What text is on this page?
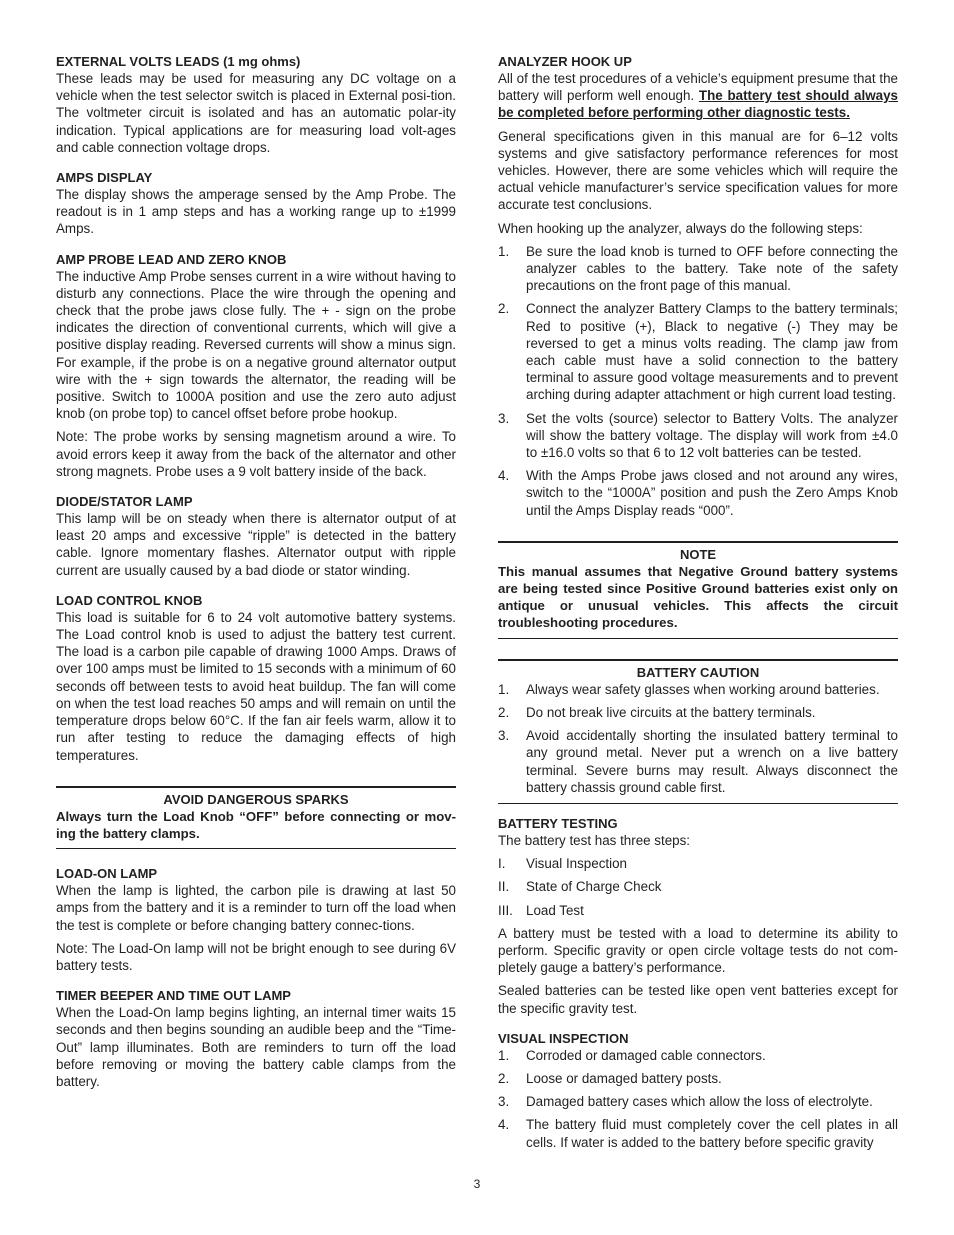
EXTERNAL VOLTS LEADS (1 mg ohms)

These leads may be used for measuring any DC voltage on a vehicle when the test selector switch is placed in External posi-tion. The voltmeter circuit is isolated and has an automatic polar-ity indication. Typical applications are for measuring load volt-ages and cable connection voltage drops.

AMPS DISPLAY

The display shows the amperage sensed by the Amp Probe. The readout is in 1 amp steps and has a working range up to ±1999 Amps.

AMP PROBE LEAD AND ZERO KNOB

The inductive Amp Probe senses current in a wire without having to disturb any connections. Place the wire through the opening and check that the probe jaws close fully. The + - sign on the probe indicates the direction of conventional currents, which will give a positive display reading. Reversed currents will show a minus sign. For example, if the probe is on a negative ground alternator output wire with the + sign towards the alternator, the reading will be positive. Switch to 1000A position and use the zero auto adjust knob (on probe top) to cancel offset before probe hookup.

Note: The probe works by sensing magnetism around a wire. To avoid errors keep it away from the back of the alternator and other strong magnets. Probe uses a 9 volt battery inside of the back.

DIODE/STATOR LAMP

This lamp will be on steady when there is alternator output of at least 20 amps and excessive “ripple” is detected in the battery cable. Ignore momentary flashes. Alternator output with ripple current are usually caused by a bad diode or stator winding.

LOAD CONTROL KNOB

This load is suitable for 6 to 24 volt automotive battery systems. The Load control knob is used to adjust the battery test current. The load is a carbon pile capable of drawing 1000 Amps. Draws of over 100 amps must be limited to 15 seconds with a minimum of 60 seconds off between tests to avoid heat buildup. The fan will come on when the test load reaches 50 amps and will remain on until the temperature drops below 60°C. If the fan air feels warm, allow it to run after testing to reduce the damaging effects of high temperatures.

AVOID DANGEROUS SPARKS
Always turn the Load Knob “OFF” before connecting or mov-ing the battery clamps.
LOAD-ON LAMP

When the lamp is lighted, the carbon pile is drawing at last 50 amps from the battery and it is a reminder to turn off the load when the test is complete or before changing battery connec-tions.

Note: The Load-On lamp will not be bright enough to see during 6V battery tests.

TIMER BEEPER AND TIME OUT LAMP

When the Load-On lamp begins lighting, an internal timer waits 15 seconds and then begins sounding an audible beep and the “Time-Out” lamp illuminates. Both are reminders to turn off the load before removing or moving the battery cable clamps from the battery.

ANALYZER HOOK UP

All of the test procedures of a vehicle’s equipment presume that the battery will perform well enough. The battery test should always be completed before performing other diagnostic tests.

General specifications given in this manual are for 6–12 volts systems and give satisfactory performance references for most vehicles. However, there are some vehicles which will require the actual vehicle manufacturer’s service specification values for more accurate test conclusions.

When hooking up the analyzer, always do the following steps:

1. Be sure the load knob is turned to OFF before connecting the analyzer cables to the battery. Take note of the safety precautions on the front page of this manual.
2. Connect the analyzer Battery Clamps to the battery terminals; Red to positive (+), Black to negative (-) They may be reversed to get a minus volts reading. The clamp jaw from each cable must have a solid connection to the battery terminal to assure good voltage measurements and to prevent arching during adapter attachment or high current load testing.
3. Set the volts (source) selector to Battery Volts. The analyzer will show the battery voltage. The display will work from ±4.0 to ±16.0 volts so that 6 to 12 volt batteries can be tested.
4. With the Amps Probe jaws closed and not around any wires, switch to the “1000A” position and push the Zero Amps Knob until the Amps Display reads “000”.
NOTE
This manual assumes that Negative Ground battery systems are being tested since Positive Ground batteries exist only on antique or unusual vehicles. This affects the circuit troubleshooting procedures.
BATTERY CAUTION
1. Always wear safety glasses when working around batteries.
2. Do not break live circuits at the battery terminals.
3. Avoid accidentally shorting the insulated battery terminal to any ground metal. Never put a wrench on a live battery terminal. Severe burns may result. Always disconnect the battery chassis ground cable first.
BATTERY TESTING

The battery test has three steps:

I. Visual Inspection
II. State of Charge Check
III. Load Test

A battery must be tested with a load to determine its ability to perform. Specific gravity or open circle voltage tests do not com-pletely gauge a battery’s performance.

Sealed batteries can be tested like open vent batteries except for the specific gravity test.

VISUAL INSPECTION
1. Corroded or damaged cable connectors.
2. Loose or damaged battery posts.
3. Damaged battery cases which allow the loss of electrolyte.
4. The battery fluid must completely cover the cell plates in all cells. If water is added to the battery before specific gravity
3
